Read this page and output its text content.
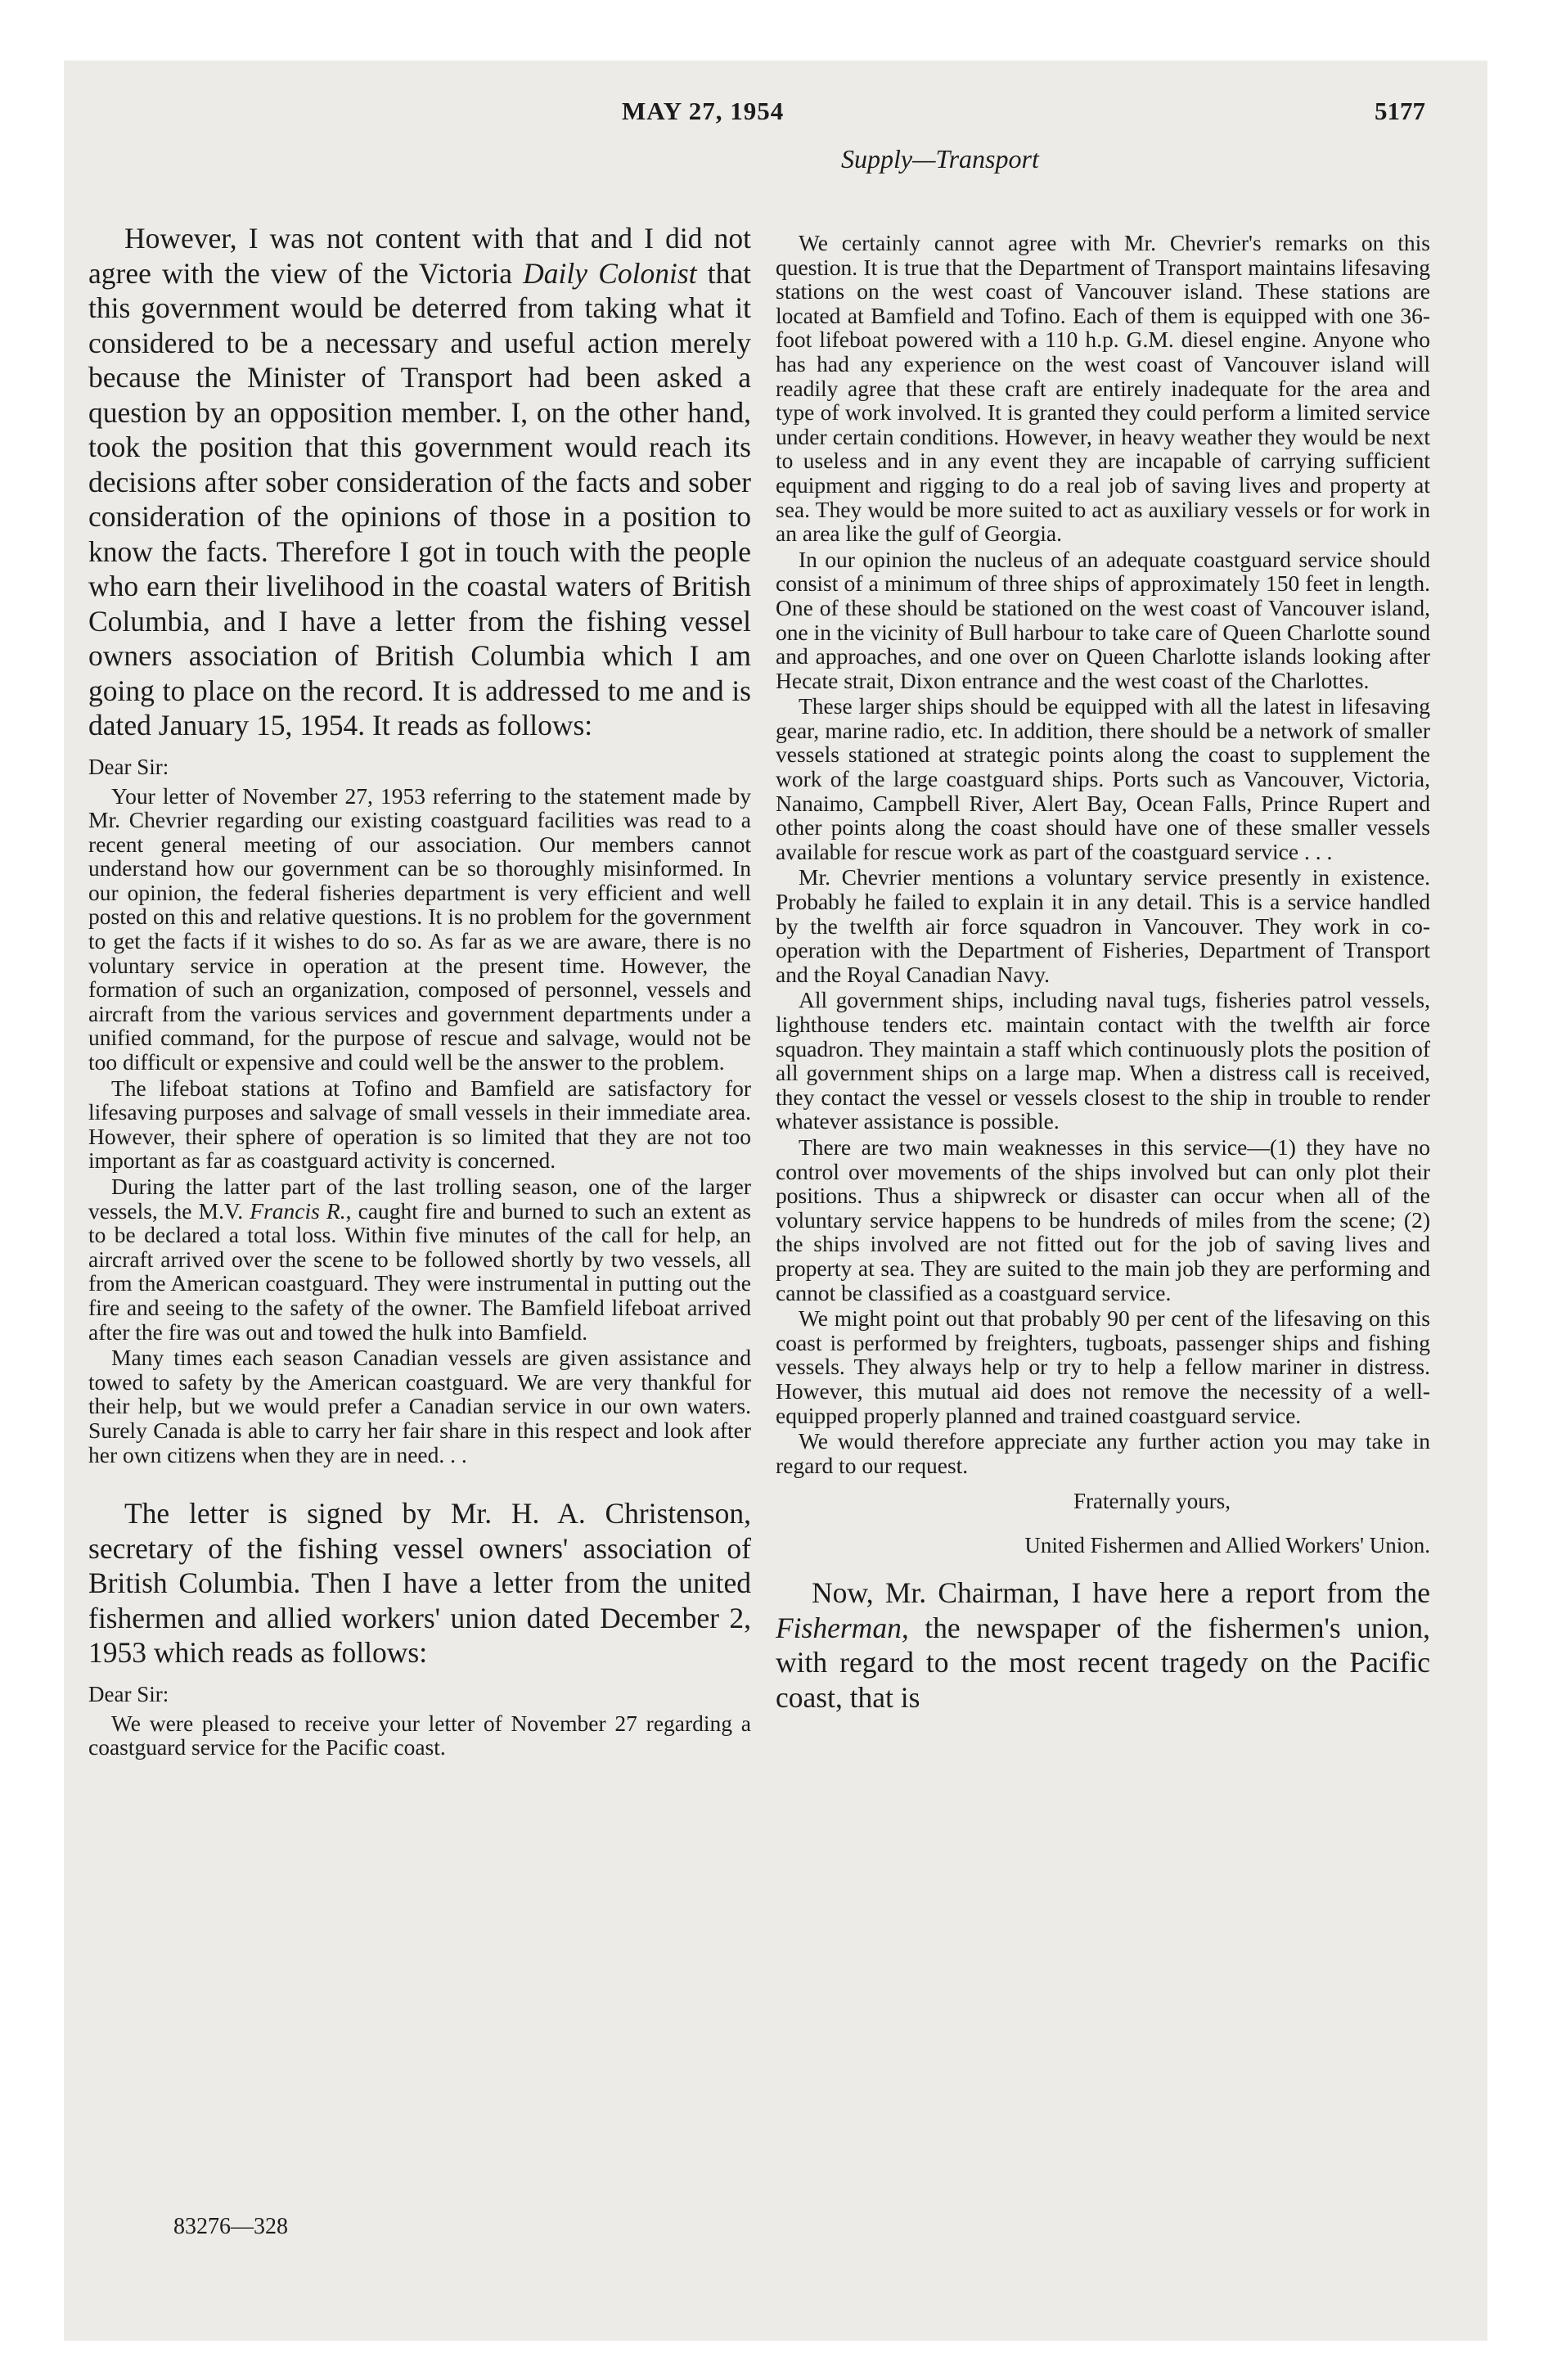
MAY 27, 1954	5177
Supply—Transport

However, I was not content with that and I did not agree with the view of the Victoria Daily Colonist that this government would be deterred from taking what it considered to be a necessary and useful action merely because the Minister of Transport had been asked a question by an opposition member. I, on the other hand, took the position that this government would reach its decisions after sober consideration of the facts and sober consideration of the opinions of those in a position to know the facts. Therefore I got in touch with the people who earn their livelihood in the coastal waters of British Columbia, and I have a letter from the fishing vessel owners association of British Columbia which I am going to place on the record. It is addressed to me and is dated January 15, 1954. It reads as follows:

Dear Sir:

Your letter of November 27, 1953 referring to the statement made by Mr. Chevrier regarding our existing coastguard facilities was read to a recent general meeting of our association. Our members cannot understand how our government can be so thoroughly misinformed. In our opinion, the federal fisheries department is very efficient and well posted on this and relative questions. It is no problem for the government to get the facts if it wishes to do so. As far as we are aware, there is no voluntary service in operation at the present time. However, the formation of such an organization, composed of personnel, vessels and aircraft from the various services and government departments under a unified command, for the purpose of rescue and salvage, would not be too difficult or expensive and could well be the answer to the problem.

The lifeboat stations at Tofino and Bamfield are satisfactory for lifesaving purposes and salvage of small vessels in their immediate area. However, their sphere of operation is so limited that they are not too important as far as coastguard activity is concerned.

During the latter part of the last trolling season, one of the larger vessels, the M.V. Francis R., caught fire and burned to such an extent as to be declared a total loss. Within five minutes of the call for help, an aircraft arrived over the scene to be followed shortly by two vessels, all from the American coastguard. They were instrumental in putting out the fire and seeing to the safety of the owner. The Bamfield lifeboat arrived after the fire was out and towed the hulk into Bamfield.

Many times each season Canadian vessels are given assistance and towed to safety by the American coastguard. We are very thankful for their help, but we would prefer a Canadian service in our own waters. Surely Canada is able to carry her fair share in this respect and look after her own citizens when they are in need. . .

The letter is signed by Mr. H. A. Christenson, secretary of the fishing vessel owners' association of British Columbia. Then I have a letter from the united fishermen and allied workers' union dated December 2, 1953 which reads as follows:

Dear Sir:

We were pleased to receive your letter of November 27 regarding a coastguard service for the Pacific coast.

83276—328

We certainly cannot agree with Mr. Chevrier's remarks on this question. It is true that the Department of Transport maintains lifesaving stations on the west coast of Vancouver island. These stations are located at Bamfield and Tofino. Each of them is equipped with one 36-foot lifeboat powered with a 110 h.p. G.M. diesel engine. Anyone who has had any experience on the west coast of Vancouver island will readily agree that these craft are entirely inadequate for the area and type of work involved. It is granted they could perform a limited service under certain conditions. However, in heavy weather they would be next to useless and in any event they are incapable of carrying sufficient equipment and rigging to do a real job of saving lives and property at sea. They would be more suited to act as auxiliary vessels or for work in an area like the gulf of Georgia.

In our opinion the nucleus of an adequate coastguard service should consist of a minimum of three ships of approximately 150 feet in length. One of these should be stationed on the west coast of Vancouver island, one in the vicinity of Bull harbour to take care of Queen Charlotte sound and approaches, and one over on Queen Charlotte islands looking after Hecate strait, Dixon entrance and the west coast of the Charlottes.

These larger ships should be equipped with all the latest in lifesaving gear, marine radio, etc. In addition, there should be a network of smaller vessels stationed at strategic points along the coast to supplement the work of the large coastguard ships. Ports such as Vancouver, Victoria, Nanaimo, Campbell River, Alert Bay, Ocean Falls, Prince Rupert and other points along the coast should have one of these smaller vessels available for rescue work as part of the coastguard service . . .

Mr. Chevrier mentions a voluntary service presently in existence. Probably he failed to explain it in any detail. This is a service handled by the twelfth air force squadron in Vancouver. They work in co-operation with the Department of Fisheries, Department of Transport and the Royal Canadian Navy.

All government ships, including naval tugs, fisheries patrol vessels, lighthouse tenders etc. maintain contact with the twelfth air force squadron. They maintain a staff which continuously plots the position of all government ships on a large map. When a distress call is received, they contact the vessel or vessels closest to the ship in trouble to render whatever assistance is possible.

There are two main weaknesses in this service—(1) they have no control over movements of the ships involved but can only plot their positions. Thus a shipwreck or disaster can occur when all of the voluntary service happens to be hundreds of miles from the scene; (2) the ships involved are not fitted out for the job of saving lives and property at sea. They are suited to the main job they are performing and cannot be classified as a coastguard service.

We might point out that probably 90 per cent of the lifesaving on this coast is performed by freighters, tugboats, passenger ships and fishing vessels. They always help or try to help a fellow mariner in distress. However, this mutual aid does not remove the necessity of a well-equipped properly planned and trained coastguard service.

We would therefore appreciate any further action you may take in regard to our request.

Fraternally yours,

United Fishermen and Allied Workers' Union.

Now, Mr. Chairman, I have here a report from the Fisherman, the newspaper of the fishermen's union, with regard to the most recent tragedy on the Pacific coast, that is
